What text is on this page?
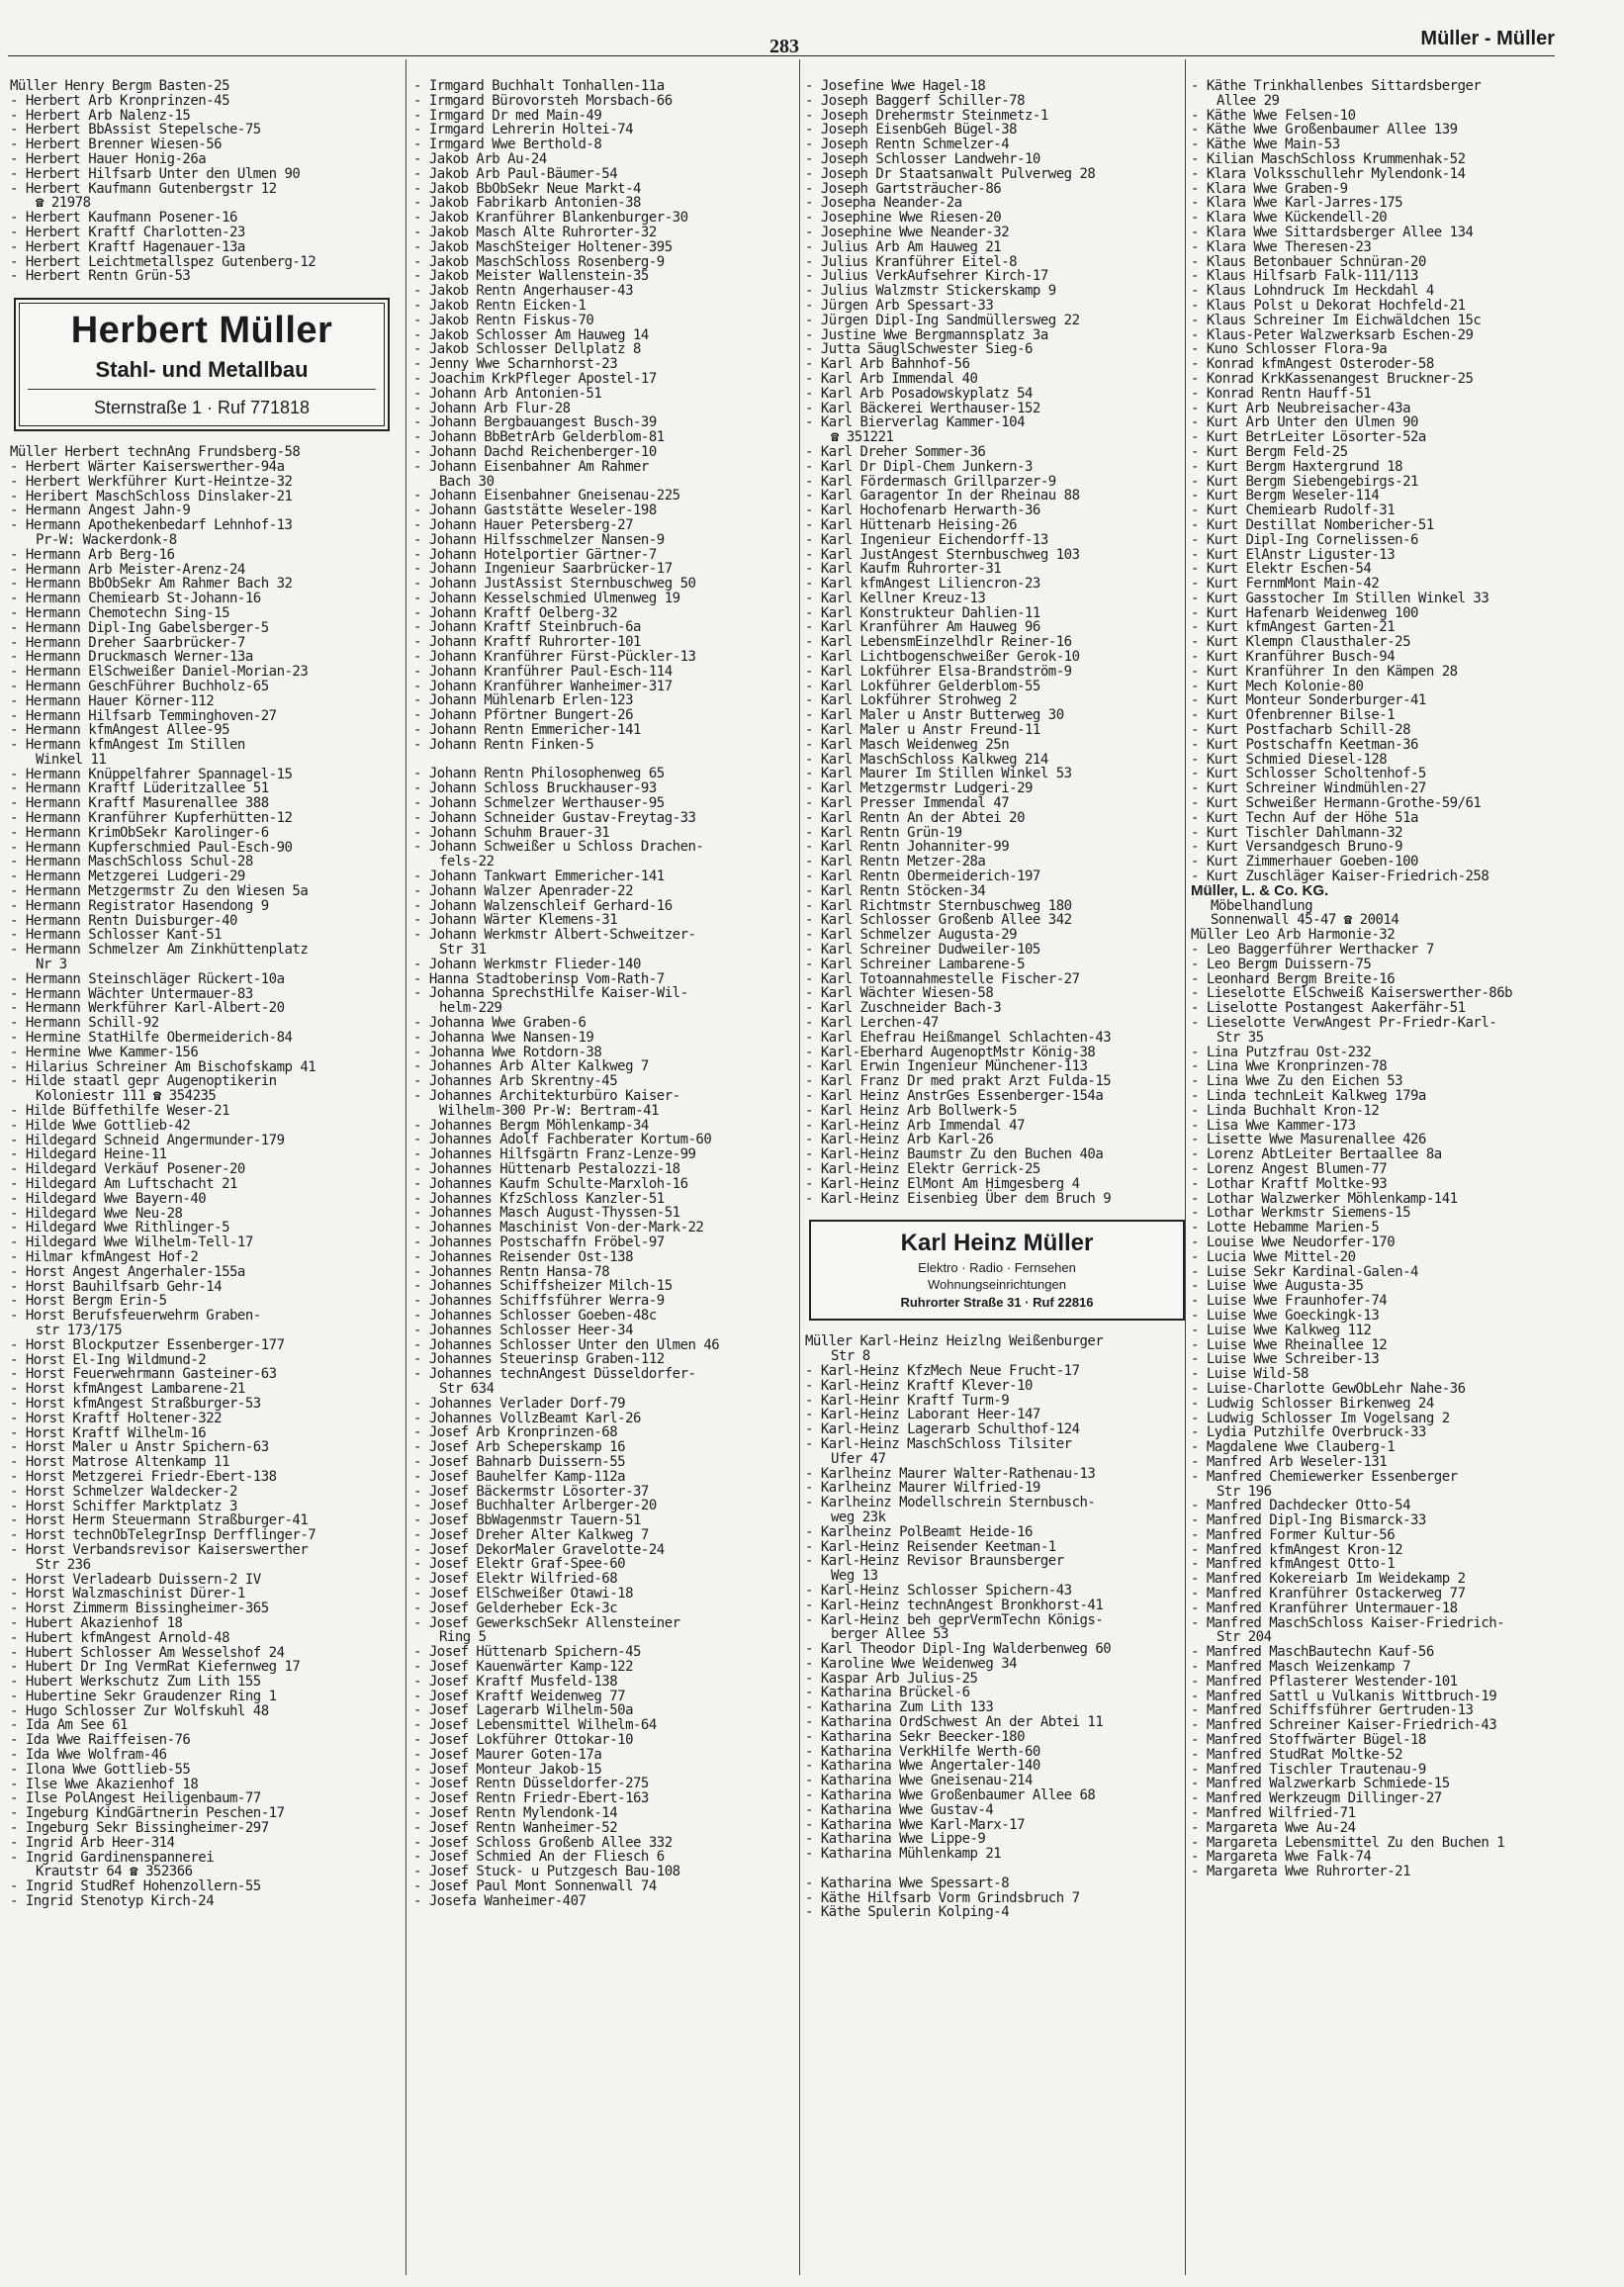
283	Müller - Müller
Müller Henry Bergm Basten-25
- Herbert Arb Kronprinzen-45
- Herbert Arb Nalenz-15
- Herbert BbAssist Stepelsche-75
- Herbert Brenner Wiesen-56
- Herbert Hauer Honig-26a
- Herbert Hilfsarb Unter den Ulmen 90
- Herbert Kaufmann Gutenbergstr 12
☎ 21978
- Herbert Kaufmann Posener-16
- Herbert Kraftf Charlotten-23
- Herbert Kraftf Hagenauer-13a
- Herbert Leichtmetallspez Gutenberg-12
- Herbert Rentn Grün-53
Herbert Müller
Stahl- und Metallbau
Sternstraße 1 · Ruf 771818
Müller Herbert technAng Frundsberg-58
- Herbert Wärter Kaiserswerther-94a
- Herbert Werkführer Kurt-Heintze-32
- Heribert MaschSchloss Dinslaker-21
- Hermann Angest Jahn-9
- Hermann Apothekenbedarf Lehnhof-13
Pr-W: Wackerdonk-8
- Hermann Arb Berg-16
- Hermann Arb Meister-Arenz-24
- Hermann BbObSekr Am Rahmer Bach 32
- Hermann Chemiearb St-Johann-16
- Hermann Chemotechn Sing-15
- Hermann Dipl-Ing Gabelsberger-5
- Hermann Dreher Saarbrücker-7
- Hermann Druckmasch Werner-13a
- Hermann ElSchweißer Daniel-Morian-23
- Hermann GeschFührer Buchholz-65
- Hermann Hauer Körner-112
- Hermann Hilfsarb Temminghoven-27
- Hermann kfmAngest Allee-95
- Hermann kfmAngest Im Stillen
Winkel 11
- Hermann Knüppelfahrer Spannagel-15
- Hermann Kraftf Lüderitzallee 51
- Hermann Kraftf Masurenallee 388
- Hermann Kranführer Kupferhütten-12
- Hermann KrimObSekr Karolinger-6
- Hermann Kupferschmied Paul-Esch-90
- Hermann MaschSchloss Schul-28
- Hermann Metzgerei Ludgeri-29
- Hermann Metzgermstr Zu den Wiesen 5a
- Hermann Registrator Hasendong 9
- Hermann Rentn Duisburger-40
- Hermann Schlosser Kant-51
- Hermann Schmelzer Am Zinkhüttenplatz
Nr 3
- Hermann Steinschläger Rückert-10a
- Hermann Wächter Untermauer-83
- Hermann Werkführer Karl-Albert-20
- Hermann Schill-92
- Hermine StatHilfe Obermeiderich-84
- Hermine Wwe Kammer-156
- Hilarius Schreiner Am Bischofskamp 41
- Hilde staatl gepr Augenoptikerin
Koloniestr 111 ☎ 354235
- Hilde Büffethilfe Weser-21
- Hilde Wwe Gottlieb-42
- Hildegard Schneid Angermunder-179
- Hildegard Heine-11
- Hildegard Verkäuf Posener-20
- Hildegard Am Luftschacht 21
- Hildegard Wwe Bayern-40
- Hildegard Wwe Neu-28
- Hildegard Wwe Rithlinger-5
- Hildegard Wwe Wilhelm-Tell-17
- Hilmar kfmAngest Hof-2
- Horst Angest Angerhaler-155a
- Horst Bauhilfsarb Gehr-14
- Horst Bergm Erin-5
- Horst Berufsfeuerwehrm Graben-
str 173/175
- Horst Blockputzer Essenberger-177
- Horst El-Ing Wildmund-2
- Horst Feuerwehrmann Gasteiner-63
- Horst kfmAngest Lambarene-21
- Horst kfmAngest Straßburger-53
- Horst Kraftf Holtener-322
- Horst Kraftf Wilhelm-16
- Horst Maler u Anstr Spichern-63
- Horst Matrose Altenkamp 11
- Horst Metzgerei Friedr-Ebert-138
- Horst Schmelzer Waldecker-2
- Horst Schiffer Marktplatz 3
- Horst Herm Steuermann Straßburger-41
- Horst technObTelegrInsp Derfflinger-7
- Horst Verbandsrevisor Kaiserswerther
Str 236
- Horst Verladearb Duissern-2 IV
- Horst Walzmaschinist Dürer-1
- Horst Zimmerm Bissingheimer-365
- Hubert Akazienhof 18
- Hubert kfmAngest Arnold-48
- Hubert Schlosser Am Wesselshof 24
- Hubert Dr Ing VermRat Kiefernweg 17
- Hubert Werkschutz Zum Lith 155
- Hubertine Sekr Graudenzer Ring 1
- Hugo Schlosser Zur Wolfskuhl 48
- Ida Am See 61
- Ida Wwe Raiffeisen-76
- Ida Wwe Wolfram-46
- Ilona Wwe Gottlieb-55
- Ilse Wwe Akazienhof 18
- Ilse PolAngest Heiligenbaum-77
- Ingeburg KindGärtnerin Peschen-17
- Ingeburg Sekr Bissingheimer-297
- Ingrid Arb Heer-314
- Ingrid Gardinenspannerei
Krautstr 64 ☎ 352366
- Ingrid StudRef Hohenzollern-55
- Ingrid Stenotyp Kirch-24
- Irmgard Buchhalt Tonhallen-11a
- Irmgard Bürovorsteh Morsbach-66
- Irmgard Dr med Main-49
- Irmgard Lehrerin Holtei-74
- Irmgard Wwe Berthold-8
- Jakob Arb Au-24
- Jakob Arb Paul-Bäumer-54
- Jakob BbObSekr Neue Markt-4
- Jakob Fabrikarb Antonien-38
- Jakob Kranführer Blankenburger-30
- Jakob Masch Alte Ruhrorter-32
- Jakob MaschSteiger Holtener-395
- Jakob MaschSchloss Rosenberg-9
- Jakob Meister Wallenstein-35
- Jakob Rentn Angerhauser-43
- Jakob Rentn Eicken-1
- Jakob Rentn Fiskus-70
- Jakob Schlosser Am Hauweg 14
- Jakob Schlosser Dellplatz 8
- Jenny Wwe Scharnhorst-23
- Joachim KrkPfleger Apostel-17
- Johann Arb Antonien-51
- Johann Arb Flur-28
- Johann Bergbauangest Busch-39
- Johann BbBetrArb Gelderblom-81
- Johann Dachd Reichenberger-10
- Johann Eisenbahner Am Rahmer
Bach 30
- Johann Eisenbahner Gneisenau-225
- Johann Gaststätte Weseler-198
- Johann Hauer Petersberg-27
- Johann Hilfsschmelzer Nansen-9
- Johann Hotelportier Gärtner-7
- Johann Ingenieur Saarbrücker-17
- Johann JustAssist Sternbuschweg 50
- Johann Kesselschmied Ulmenweg 19
- Johann Kraftf Oelberg-32
- Johann Kraftf Steinbruch-6a
- Johann Kraftf Ruhrorter-101
- Johann Kranführer Fürst-Pückler-13
- Johann Kranführer Paul-Esch-114
- Johann Kranführer Wanheimer-317
- Johann Mühlenarb Erlen-123
- Johann Pförtner Bungert-26
- Johann Rentn Emmericher-141
- Johann Rentn Finken-5

- Johann Rentn Philosophenweg 65
- Johann Schloss Bruckhauser-93
- Johann Schmelzer Werthauser-95
- Johann Schneider Gustav-Freytag-33
- Johann Schuhm Brauer-31
- Johann Schweißer u Schloss Drachen-
fels-22
- Johann Tankwart Emmericher-141
- Johann Walzer Apenrader-22
- Johann Walzenschleif Gerhard-16
- Johann Wärter Klemens-31
- Johann Werkmstr Albert-Schweitzer-
Str 31
- Johann Werkmstr Flieder-140
- Hanna Stadtoberinsp Vom-Rath-7
- Johanna SprechstHilfe Kaiser-Wil-
helm-229
- Johanna Wwe Graben-6
- Johanna Wwe Nansen-19
- Johanna Wwe Rotdorn-38
- Johannes Arb Alter Kalkweg 7
- Johannes Arb Skrentny-45
- Johannes Architekturbüro Kaiser-
Wilhelm-300 Pr-W: Bertram-41
- Johannes Bergm Möhlenkamp-34
- Johannes Adolf Fachberater Kortum-60
- Johannes Hilfsgärtn Franz-Lenze-99
- Johannes Hüttenarb Pestalozzi-18
- Johannes Kaufm Schulte-Marxloh-16
- Johannes KfzSchloss Kanzler-51
- Johannes Masch August-Thyssen-51
- Johannes Maschinist Von-der-Mark-22
- Johannes Postschaffn Fröbel-97
- Johannes Reisender Ost-138
- Johannes Rentn Hansa-78
- Johannes Schiffsheizer Milch-15
- Johannes Schiffsführer Werra-9
- Johannes Schlosser Goeben-48c
- Johannes Schlosser Heer-34
- Johannes Schlosser Unter den Ulmen 46
- Johannes Steuerinsp Graben-112
- Johannes technAngest Düsseldorfer-
Str 634
- Johannes Verlader Dorf-79
- Johannes VollzBeamt Karl-26
- Josef Arb Kronprinzen-68
- Josef Arb Scheperskamp 16
- Josef Bahnarb Duissern-55
- Josef Bauhelfer Kamp-112a
- Josef Bäckermstr Lösorter-37
- Josef Buchhalter Arlberger-20
- Josef BbWagenmstr Tauern-51
- Josef Dreher Alter Kalkweg 7
- Josef DekorMaler Gravelotte-24
- Josef Elektr Graf-Spee-60
- Josef Elektr Wilfried-68
- Josef ElSchweißer Otawi-18
- Josef Gelderheber Eck-3c
- Josef GewerkschSekr Allensteiner
Ring 5
- Josef Hüttenarb Spichern-45
- Josef Kauenwärter Kamp-122
- Josef Kraftf Musfeld-138
- Josef Kraftf Weidenweg 77
- Josef Lagerarb Wilhelm-50a
- Josef Lebensmittel Wilhelm-64
- Josef Lokführer Ottokar-10
- Josef Maurer Goten-17a
- Josef Monteur Jakob-15
- Josef Rentn Düsseldorfer-275
- Josef Rentn Friedr-Ebert-163
- Josef Rentn Mylendonk-14
- Josef Rentn Wanheimer-52
- Josef Schloss Großenb Allee 332
- Josef Schmied An der Fliesch 6
- Josef Stuck- u Putzgesch Bau-108
- Josef Paul Mont Sonnenwall 74
- Josefa Wanheimer-407
- Josefine Wwe Hagel-18
- Joseph Baggerf Schiller-78
- Joseph Drehermstr Steinmetz-1
- Joseph EisenbGeh Bügel-38
- Joseph Rentn Schmelzer-4
- Joseph Schlosser Landwehr-10
- Joseph Dr Staatsanwalt Pulverweg 28
- Joseph Gartsträucher-86
- Josepha Neander-2a
- Josephine Wwe Riesen-20
- Josephine Wwe Neander-32
- Julius Arb Am Hauweg 21
- Julius Kranführer Eitel-8
- Julius VerkAufsehrer Kirch-17
- Julius Walzmstr Stickerskamp 9
- Jürgen Arb Spessart-33
- Jürgen Dipl-Ing Sandmüllersweg 22
- Justine Wwe Bergmannsplatz 3a
- Jutta SäuglSchwester Sieg-6
- Karl Arb Bahnhof-56
- Karl Arb Immendal 40
- Karl Arb Posadowskyplatz 54
- Karl Bäckerei Werthauser-152
- Karl Bierverlag Kammer-104
☎ 351221
- Karl Dreher Sommer-36
- Karl Dr Dipl-Chem Junkern-3
- Karl Fördermasch Grillparzer-9
- Karl Garagentor In der Rheinau 88
- Karl Hochofenarb Herwarth-36
- Karl Hüttenarb Heising-26
- Karl Ingenieur Eichendorff-13
- Karl JustAngest Sternbuschweg 103
- Karl Kaufm Ruhrorter-31
- Karl kfmAngest Liliencron-23
- Karl Kellner Kreuz-13
- Karl Konstrukteur Dahlien-11
- Karl Kranführer Am Hauweg 96
- Karl LebensmEinzelhdlr Reiner-16
- Karl Lichtbogenschweißer Gerok-10
- Karl Lokführer Elsa-Brandström-9
- Karl Lokführer Gelderblom-55
- Karl Lokführer Strohweg 2
- Karl Maler u Anstr Butterweg 30
- Karl Maler u Anstr Freund-11
- Karl Masch Weidenweg 25n
- Karl MaschSchloss Kalkweg 214
- Karl Maurer Im Stillen Winkel 53
- Karl Metzgermstr Ludgeri-29
- Karl Presser Immendal 47
- Karl Rentn An der Abtei 20
- Karl Rentn Grün-19
- Karl Rentn Johanniter-99
- Karl Rentn Metzer-28a
- Karl Rentn Obermeiderich-197
- Karl Rentn Stöcken-34
- Karl Richtmstr Sternbuschweg 180
- Karl Schlosser Großenb Allee 342
- Karl Schmelzer Augusta-29
- Karl Schreiner Dudweiler-105
- Karl Schreiner Lambarene-5
- Karl Totoannahmestelle Fischer-27
- Karl Wächter Wiesen-58
- Karl Zuschneider Bach-3
- Karl Lerchen-47
- Karl Ehefrau Heißmangel Schlachten-43
- Karl-Eberhard AugenoptMstr König-38
- Karl Erwin Ingenieur Münchener-113
- Karl Franz Dr med prakt Arzt Fulda-15
- Karl Heinz AnstrGes Essenberger-154a
- Karl Heinz Arb Bollwerk-5
- Karl-Heinz Arb Immendal 47
- Karl-Heinz Arb Karl-26
- Karl-Heinz Baumstr Zu den Buchen 40a
- Karl-Heinz Elektr Gerrick-25
- Karl-Heinz ElMont Am Himgesberg 4
- Karl-Heinz Eisenbieg Über dem Bruch 9
Karl Heinz Müller
Elektro · Radio · Fernsehen
Wohnungseinrichtungen
Ruhrorter Straße 31 · Ruf 22816
Müller Karl-Heinz Heizlng Weißenburger
Str 8
- Karl-Heinz KfzMech Neue Frucht-17
- Karl-Heinz Kraftf Klever-10
- Karl-Heinr Kraftf Turm-9
- Karl-Heinz Laborant Heer-147
- Karl-Heinz Lagerarb Schulthof-124
- Karl-Heinz MaschSchloss Tilsiter
Ufer 47
- Karlheinz Maurer Walter-Rathenau-13
- Karlheinz Maurer Wilfried-19
- Karlheinz Modellschrein Sternbusch-
weg 23k
- Karlheinz PolBeamt Heide-16
- Karl-Heinz Reisender Keetman-1
- Karl-Heinz Revisor Braunsberger
Weg 13
- Karl-Heinz Schlosser Spichern-43
- Karl-Heinz technAngest Bronkhorst-41
- Karl-Heinz beh geprVermTechn Königs-
berger Allee 53
- Karl Theodor Dipl-Ing Walderbenweg 60
- Karoline Wwe Weidenweg 34
- Kaspar Arb Julius-25
- Katharina Brückel-6
- Katharina Zum Lith 133
- Katharina OrdSchwest An der Abtei 11
- Katharina Sekr Beecker-180
- Katharina VerkHilfe Werth-60
- Katharina Wwe Angertaler-140
- Katharina Wwe Gneisenau-214
- Katharina Wwe Großenbaumer Allee 68
- Katharina Wwe Gustav-4
- Katharina Wwe Karl-Marx-17
- Katharina Wwe Lippe-9
- Katharina Mühlenkamp 21

- Katharina Wwe Spessart-8
- Käthe Hilfsarb Vorm Grindsbruch 7
- Käthe Spulerin Kolping-4
- Käthe Trinkhallenbes Sittardsberger
Allee 29
- Käthe Wwe Felsen-10
- Käthe Wwe Großenbaumer Allee 139
- Käthe Wwe Main-53
- Kilian MaschSchloss Krummenhak-52
- Klara Volksschullehr Mylendonk-14
- Klara Wwe Graben-9
- Klara Wwe Karl-Jarres-175
- Klara Wwe Kückendell-20
- Klara Wwe Sittardsberger Allee 134
- Klara Wwe Theresen-23
- Klaus Betonbauer Schnüran-20
- Klaus Hilfsarb Falk-111/113
- Klaus Lohndruck Im Heckdahl 4
- Klaus Polst u Dekorat Hochfeld-21
- Klaus Schreiner Im Eichwäldchen 15c
- Klaus-Peter Walzwerksarb Eschen-29
- Kuno Schlosser Flora-9a
- Konrad kfmAngest Osteroder-58
- Konrad KrkKassenangest Bruckner-25
- Konrad Rentn Hauff-51
- Kurt Arb Neubreisacher-43a
- Kurt Arb Unter den Ulmen 90
- Kurt BetrLeiter Lösorter-52a
- Kurt Bergm Feld-25
- Kurt Bergm Haxtergrund 18
- Kurt Bergm Siebengebirgs-21
- Kurt Bergm Weseler-114
- Kurt Chemiearb Rudolf-31
- Kurt Destillat Nombericher-51
- Kurt Dipl-Ing Cornelissen-6
- Kurt ElAnstr Liguster-13
- Kurt Elektr Eschen-54
- Kurt FernmMont Main-42
- Kurt Gasstocher Im Stillen Winkel 33
- Kurt Hafenarb Weidenweg 100
- Kurt kfmAngest Garten-21
- Kurt Klempn Clausthaler-25
- Kurt Kranführer Busch-94
- Kurt Kranführer In den Kämpen 28
- Kurt Mech Kolonie-80
- Kurt Monteur Sonderburger-41
- Kurt Ofenbrenner Bilse-1
- Kurt Postfacharb Schill-28
- Kurt Postschaffn Keetman-36
- Kurt Schmied Diesel-128
- Kurt Schlosser Scholtenhof-5
- Kurt Schreiner Windmühlen-27
- Kurt Schweißer Hermann-Grothe-59/61
- Kurt Techn Auf der Höhe 51a
- Kurt Tischler Dahlmann-32
- Kurt Versandgesch Bruno-9
- Kurt Zimmerhauer Goeben-100
- Kurt Zuschläger Kaiser-Friedrich-258
Müller, L. & Co. KG.
Möbelhandlung
Sonnenwall 45-47 ☎ 20014
Müller Leo Arb Harmonie-32
- Leo Baggerführer Werthacker 7
- Leo Bergm Duissern-75
- Leonhard Bergm Breite-16
- Lieselotte ElSchweiß Kaiserswerther-86b
- Liselotte Postangest Aakerfähr-51
- Lieselotte VerwAngest Pr-Friedr-Karl-
Str 35
- Lina Putzfrau Ost-232
- Lina Wwe Kronprinzen-78
- Lina Wwe Zu den Eichen 53
- Linda technLeit Kalkweg 179a
- Linda Buchhalt Kron-12
- Lisa Wwe Kammer-173
- Lisette Wwe Masurenallee 426
- Lorenz AbtLeiter Bertaallee 8a
- Lorenz Angest Blumen-77
- Lothar Kraftf Moltke-93
- Lothar Walzwerker Möhlenkamp-141
- Lothar Werkmstr Siemens-15
- Lotte Hebamme Marien-5
- Louise Wwe Neudorfer-170
- Lucia Wwe Mittel-20
- Luise Sekr Kardinal-Galen-4
- Luise Wwe Augusta-35
- Luise Wwe Fraunhofer-74
- Luise Wwe Goeckingk-13
- Luise Wwe Kalkweg 112
- Luise Wwe Rheinallee 12
- Luise Wwe Schreiber-13
- Luise Wild-58
- Luise-Charlotte GewObLehr Nahe-36
- Ludwig Schlosser Birkenweg 24
- Ludwig Schlosser Im Vogelsang 2
- Lydia Putzhilfe Overbruck-33
- Magdalene Wwe Clauberg-1
- Manfred Arb Weseler-131
- Manfred Chemiewerker Essenberger
Str 196
- Manfred Dachdecker Otto-54
- Manfred Dipl-Ing Bismarck-33
- Manfred Former Kultur-56
- Manfred kfmAngest Kron-12
- Manfred kfmAngest Otto-1
- Manfred Kokereiarb Im Weidekamp 2
- Manfred Kranführer Ostackerweg 77
- Manfred Kranführer Untermauer-18
- Manfred MaschSchloss Kaiser-Friedrich-
Str 204
- Manfred MaschBautechn Kauf-56
- Manfred Masch Weizenkamp 7
- Manfred Pflasterer Westender-101
- Manfred Sattl u Vulkanis Wittbruch-19
- Manfred Schiffsführer Gertruden-13
- Manfred Schreiner Kaiser-Friedrich-43
- Manfred Stoffwärter Bügel-18
- Manfred StudRat Moltke-52
- Manfred Tischler Trautenau-9
- Manfred Walzwerkarb Schmiede-15
- Manfred Werkzeugm Dillinger-27
- Manfred Wilfried-71
- Margareta Wwe Au-24
- Margareta Lebensmittel Zu den Buchen 1
- Margareta Wwe Falk-74
- Margareta Wwe Ruhrorter-21
